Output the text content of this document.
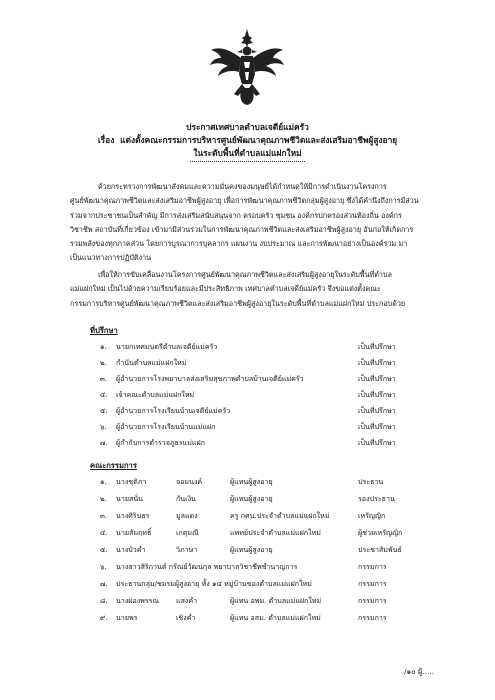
ประกาศเทศบาลตำบลเจดีย์แม่ครัว
เรื่อง แต่งตั้งคณะกรรมการบริหารศูนย์พัฒนาคุณภาพชีวิตและส่งเสริมอาชีพผู้สูงอายุ
ในระดับพื้นที่ตำบลแม่แฝกใหม่
ด้วยกระทรวงการพัฒนาสังคมและความมั่นคงของมนุษย์ได้กำหนดให้มีการดำเนินงานโครงการ
ศูนย์พัฒนาคุณภาพชีวิตและส่งเสริมอาชีพผู้สูงอายุ เพื่อการพัฒนาคุณภาพชีวิตกลุ่มผู้สูงอายุ ซึ่งได้คำนึงถึงการมีส่วน
ร่วมจากประชาชนเป็นสำคัญ มีการส่งเสริมสนับสนุนจาก ครอบครัว ชุมชน องค์กรปกครองส่วนท้องถิ่น องค์กร
วิชาชีพ สถาบันที่เกี่ยวข้อง เข้ามามีส่วนร่วมในการพัฒนาคุณภาพชีวิตและส่งเสริมอาชีพผู้สูงอายุ อันก่อให้เกิดการ
รวมพลังของทุกภาคส่วน โดยการบูรณาการบุคลากร แผนงาน งบประมาณ และการพัฒนาอย่างเป็นองค์รวม มา
เป็นแนวทางการปฏิบัติงาน
เพื่อให้การขับเคลื่อนงานโครงการศูนย์พัฒนาคุณภาพชีวิตและส่งเสริมผู้สูงอายุในระดับพื้นที่ตำบล
แม่แฝกใหม่ เป็นไปด้วยความเรียบร้อยและมีประสิทธิภาพ เทศบาลตำบลเจดีย์แม่ครัว จึงขอแต่งตั้งคณะ
กรรมการบริหารศูนย์พัฒนาคุณภาพชีวิตและส่งเสริมอาชีพผู้สูงอายุในระดับพื้นที่ตำบลแม่แฝกใหม่ ประกอบด้วย
ที่ปรึกษา
๑. นายกเทศมนตรีตำบลเจดีย์แม่ครัว	เป็นที่ปรึกษา
๒. กำนันตำบลแม่แฝกใหม่	เป็นที่ปรึกษา
๓. ผู้อำนวยการโรงพยาบาลส่งเสริมสุขภาพตำบลบ้านเจดีย์แม่ครัว	เป็นที่ปรึกษา
๔. เจ้าคณะตำบลแม่แฝกใหม่	เป็นที่ปรึกษา
๕. ผู้อำนวยการโรงเรียนบ้านเจดีย์แม่ครัว	เป็นที่ปรึกษา
๖. ผู้อำนวยการโรงเรียนบ้านแม่แฝก	เป็นที่ปรึกษา
๗. ผู้กำกับการตำรวจภูธรแม่แฝก	เป็นที่ปรึกษา
คณะกรรมการ
๑. นางชุติภา	จอมนงค์	ผู้แทนผู้สูงอายุ	ประธาน
๒. นายสนั่น	กันเงิน	ผู้แทนผู้สูงอายุ	รองประธาน
๓. นางศิรินธร	มูลแดง	ครู กศน.ประจำตำบลแม่แฝกใหม่	เหรัญญิก
๔. นายสัมฤทธิ์	เกตุมณี	แพทย์ประจำตำบลแม่แฝกใหม่	ผู้ช่วยเหรัญญิก
๕. นางบัวคำ	วิภาษา	ผู้แทนผู้สูงอายุ	ประชาสัมพันธ์
๖. นางสาวสิริกานต์ กรัณย์วัฒนกุล พยาบาลวิชาชีพชำนาญการ	กรรมการ
๗. ประธานกลุ่ม/ชมรมผู้สูงอายุ ทั้ง ๑๔ หมู่บ้านของตำบลแม่แฝกใหม่	กรรมการ
๘. นางผ่องพรรณ แสงคำ	ผู้แทน อพม. ตำบลแม่แฝกใหม่	กรรมการ
๙. นายพร	เชิงคำ	ผู้แทน อสม. ตำบลแม่แฝกใหม่	กรรมการ
/๑๐ ผู้.....
